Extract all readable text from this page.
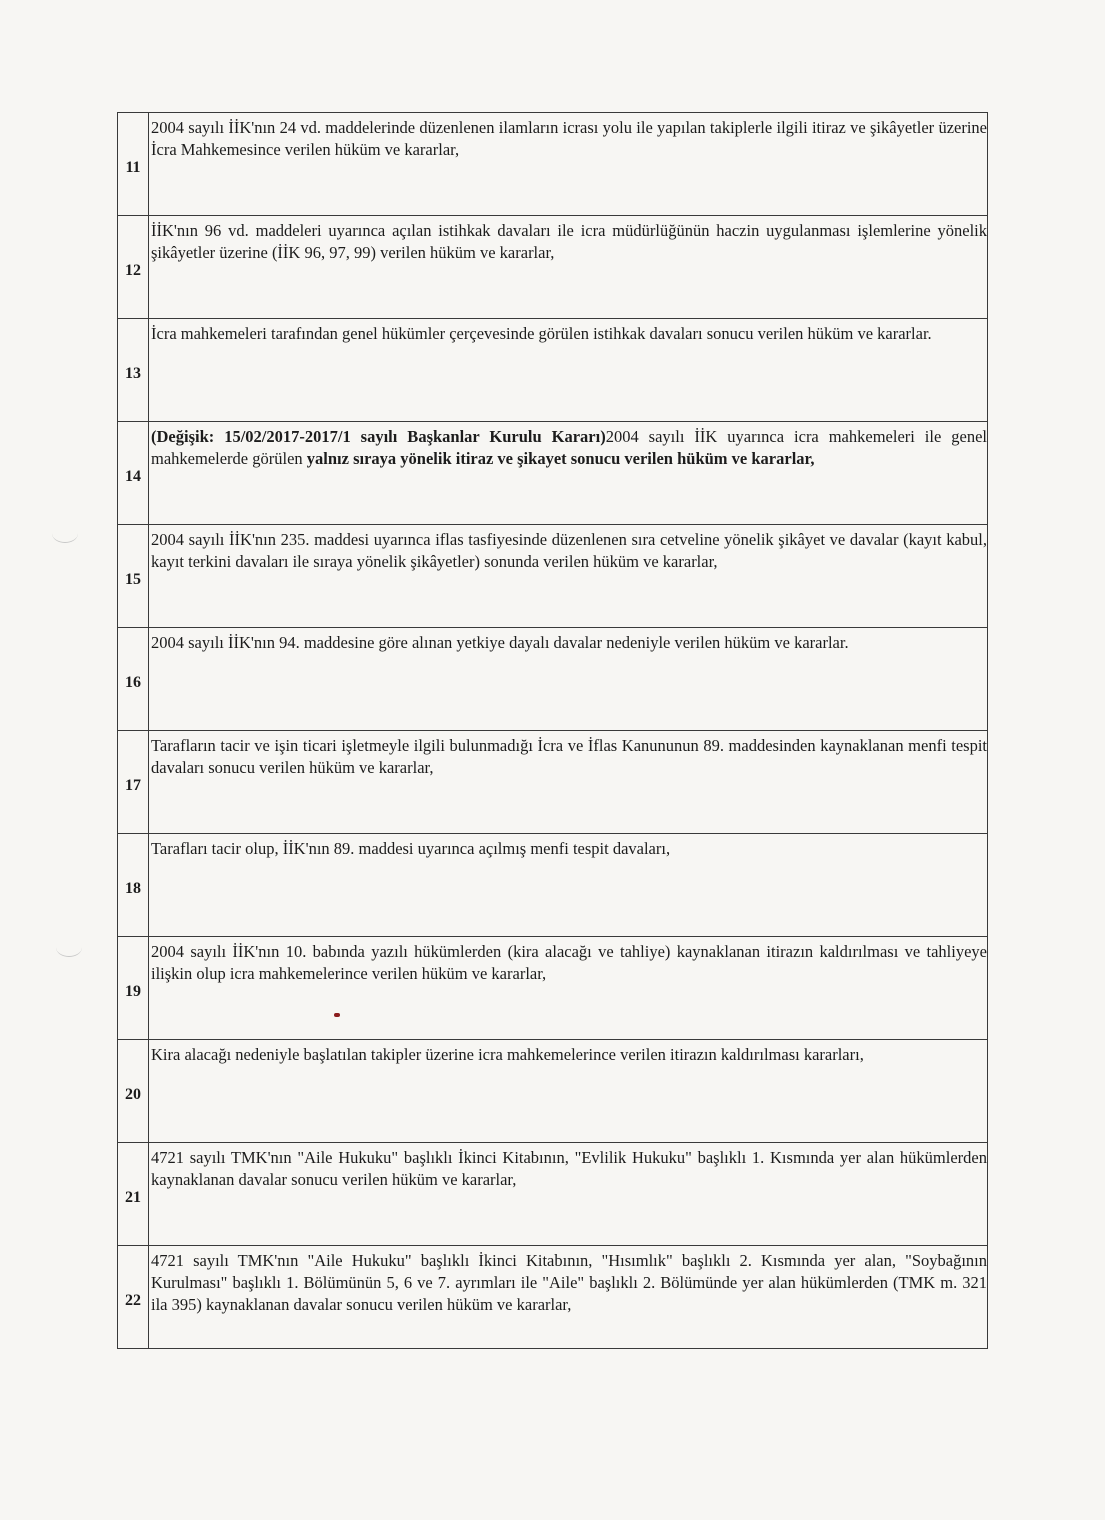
11	2004 sayılı İİK'nın 24 vd. maddelerinde düzenlenen ilamların icrası yolu ile yapılan takiplerle ilgili itiraz ve şikâyetler üzerine İcra Mahkemesince verilen hüküm ve kararlar,
12	İİK'nın 96 vd. maddeleri uyarınca açılan istihkak davaları ile icra müdürlüğünün haczin uygulanması işlemlerine yönelik şikâyetler üzerine (İİK 96, 97, 99) verilen hüküm ve kararlar,
13	İcra mahkemeleri tarafından genel hükümler çerçevesinde görülen istihkak davaları sonucu verilen hüküm ve kararlar.
14	(Değişik: 15/02/2017-2017/1 sayılı Başkanlar Kurulu Kararı)2004 sayılı İİK uyarınca icra mahkemeleri ile genel mahkemelerde görülen yalnız sıraya yönelik itiraz ve şikayet sonucu verilen hüküm ve kararlar,
15	2004 sayılı İİK'nın 235. maddesi uyarınca iflas tasfiyesinde düzenlenen sıra cetveline yönelik şikâyet ve davalar (kayıt kabul, kayıt terkini davaları ile sıraya yönelik şikâyetler) sonunda verilen hüküm ve kararlar,
16	2004 sayılı İİK'nın 94. maddesine göre alınan yetkiye dayalı davalar nedeniyle verilen hüküm ve kararlar.
17	Tarafların tacir ve işin ticari işletmeyle ilgili bulunmadığı İcra ve İflas Kanununun 89. maddesinden kaynaklanan menfi tespit davaları sonucu verilen hüküm ve kararlar,
18	Tarafları tacir olup, İİK'nın 89. maddesi uyarınca açılmış menfi tespit davaları,
19	2004 sayılı İİK'nın 10. babında yazılı hükümlerden (kira alacağı ve tahliye) kaynaklanan itirazın kaldırılması ve tahliyeye ilişkin olup icra mahkemelerince verilen hüküm ve kararlar,
20	Kira alacağı nedeniyle başlatılan takipler üzerine icra mahkemelerince verilen itirazın kaldırılması kararları,
21	4721 sayılı TMK'nın "Aile Hukuku" başlıklı İkinci Kitabının, "Evlilik Hukuku" başlıklı 1. Kısmında yer alan hükümlerden kaynaklanan davalar sonucu verilen hüküm ve kararlar,
22	4721 sayılı TMK'nın "Aile Hukuku" başlıklı İkinci Kitabının, "Hısımlık" başlıklı 2. Kısmında yer alan, "Soybağının Kurulması" başlıklı 1. Bölümünün 5, 6 ve 7. ayrımları ile "Aile" başlıklı 2. Bölümünde yer alan hükümlerden (TMK m. 321 ila 395) kaynaklanan davalar sonucu verilen hüküm ve kararlar,
